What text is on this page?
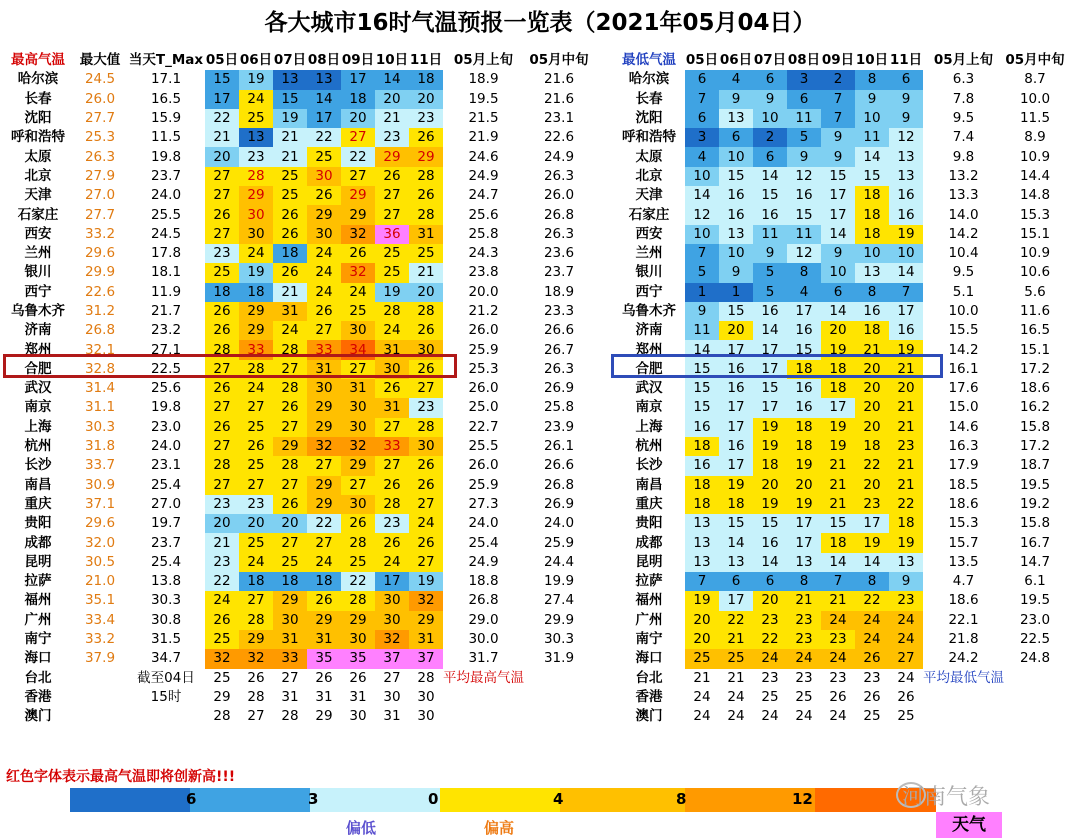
各大城市16时气温预报一览表（2021年05月04日）
最高气温	最大值	当天T_Max	05日	06日	07日	08日	09日	10日	11日	05月上旬	05月中旬
哈尔滨	24.5	17.1	15	19	13	13	17	14	18	18.9	21.6
长春	26.0	16.5	17	24	15	14	18	20	20	19.5	21.6
沈阳	27.7	15.9	22	25	19	17	20	21	23	21.5	23.1
呼和浩特	25.3	11.5	21	13	21	22	27	23	26	21.9	22.6
太原	26.3	19.8	20	23	21	25	22	29	29	24.6	24.9
北京	27.9	23.7	27	28	25	30	27	26	28	24.9	26.3
天津	27.0	24.0	27	29	25	26	29	27	26	24.7	26.0
石家庄	27.7	25.5	26	30	26	29	29	27	28	25.6	26.8
西安	33.2	24.5	27	30	26	30	32	36	31	25.8	26.3
兰州	29.6	17.8	23	24	18	24	26	25	25	24.3	23.6
银川	29.9	18.1	25	19	26	24	32	25	21	23.8	23.7
西宁	22.6	11.9	18	18	21	24	24	19	20	20.0	18.9
乌鲁木齐	31.2	21.7	26	29	31	26	25	28	28	21.2	23.3
济南	26.8	23.2	26	29	24	27	30	24	26	26.0	26.6
郑州	32.1	27.1	28	33	28	33	34	31	30	25.9	26.7
合肥	32.8	22.5	27	28	27	31	27	30	26	25.3	26.3
武汉	31.4	25.6	26	24	28	30	31	26	27	26.0	26.9
南京	31.1	19.8	27	27	26	29	30	31	23	25.0	25.8
上海	30.3	23.0	26	25	27	29	30	27	28	22.7	23.9
杭州	31.8	24.0	27	26	29	32	32	33	30	25.5	26.1
长沙	33.7	23.1	28	25	28	27	29	27	26	26.0	26.6
南昌	30.9	25.4	27	27	27	29	27	26	26	25.9	26.8
重庆	37.1	27.0	23	23	26	29	30	28	27	27.3	26.9
贵阳	29.6	19.7	20	20	20	22	26	23	24	24.0	24.0
成都	32.0	23.7	21	25	27	27	28	26	26	25.4	25.9
昆明	30.5	25.4	23	24	25	24	25	24	27	24.9	24.4
拉萨	21.0	13.8	22	18	18	18	22	17	19	18.8	19.9
福州	35.1	30.3	24	27	29	26	28	30	32	26.8	27.4
广州	33.4	30.8	26	28	30	29	29	30	29	29.0	29.9
南宁	33.2	31.5	25	29	31	31	30	32	31	30.0	30.3
海口	37.9	34.7	32	32	33	35	35	37	37	31.7	31.9
台北		截至04日	25	26	27	26	26	27	28	平均最高气温	
香港		15时	29	28	31	31	31	30	30		
澳门			28	27	28	29	30	31	30		
最低气温	05日	06日	07日	08日	09日	10日	11日	05月上旬	05月中旬
哈尔滨	6	4	6	3	2	8	6	6.3	8.7
长春	7	9	9	6	7	9	9	7.8	10.0
沈阳	6	13	10	11	7	10	9	9.5	11.5
呼和浩特	3	6	2	5	9	11	12	7.4	8.9
太原	4	10	6	9	9	14	13	9.8	10.9
北京	10	15	14	12	15	15	13	13.2	14.4
天津	14	16	15	16	17	18	16	13.3	14.8
石家庄	12	16	16	15	17	18	16	14.0	15.3
西安	10	13	11	11	14	18	19	14.2	15.1
兰州	7	10	9	12	9	10	10	10.4	10.9
银川	5	9	5	8	10	13	14	9.5	10.6
西宁	1	1	5	4	6	8	7	5.1	5.6
乌鲁木齐	9	15	16	17	14	16	17	10.0	11.6
济南	11	20	14	16	20	18	16	15.5	16.5
郑州	14	17	17	15	19	21	19	14.2	15.1
合肥	15	16	17	18	18	20	21	16.1	17.2
武汉	15	16	15	16	18	20	20	17.6	18.6
南京	15	17	17	16	17	20	21	15.0	16.2
上海	16	17	19	18	19	20	21	14.6	15.8
杭州	18	16	19	18	19	18	23	16.3	17.2
长沙	16	17	18	19	21	22	21	17.9	18.7
南昌	18	19	20	20	21	20	21	18.5	19.5
重庆	18	18	19	19	21	23	22	18.6	19.2
贵阳	13	15	15	17	15	17	18	15.3	15.8
成都	13	14	16	17	18	19	19	15.7	16.7
昆明	13	13	14	13	14	14	13	13.5	14.7
拉萨	7	6	6	8	7	8	9	4.7	6.1
福州	19	17	20	21	21	22	23	18.6	19.5
广州	20	22	23	23	24	24	24	22.1	23.0
南宁	20	21	22	23	23	24	24	21.8	22.5
海口	25	25	24	24	24	26	27	24.2	24.8
台北	21	21	23	23	23	23	24	平均最低气温	
香港	24	24	25	25	26	26	26		
澳门	24	24	24	24	24	25	25		
红色字体表示最高气温即将创新高!!!
6	3	0	4	8	12
偏低	偏高
河南气象
天气
